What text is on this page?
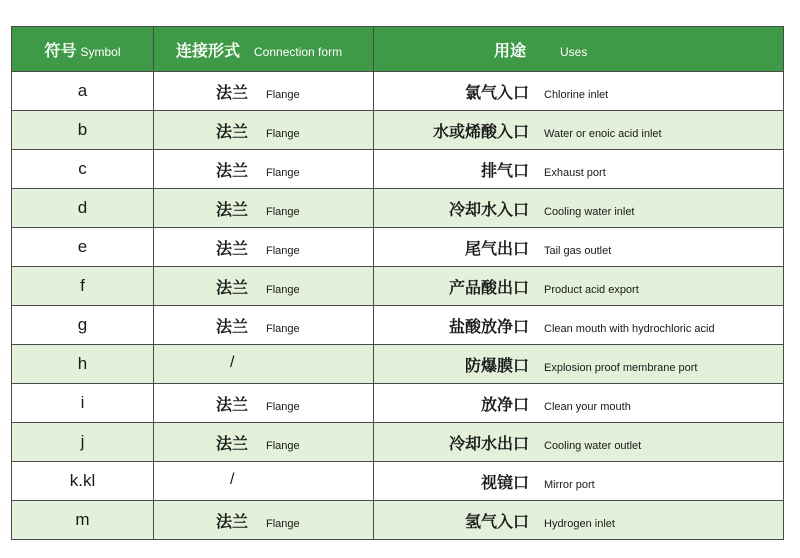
符号 Symbol	连接形式 Connection form	用途 Uses
a	法兰 Flange	氯气入口 Chlorine inlet

b	法兰 Flange	水或烯酸入口 Water or enoic acid inlet

c	法兰 Flange	排气口 Exhaust port

d	法兰 Flange	冷却水入口 Cooling water inlet

e	法兰 Flange	尾气出口 Tail gas outlet

f	法兰 Flange	产品酸出口 Product acid export

g	法兰 Flange	盐酸放净口 Clean mouth with hydrochloric acid

h	/	防爆膜口 Explosion proof membrane port

i	法兰 Flange	放净口 Clean your mouth

j	法兰 Flange	冷却水出口 Cooling water outlet

k.kl	/	视镜口 Mirror port

m	法兰 Flange	氢气入口 Hydrogen inlet
